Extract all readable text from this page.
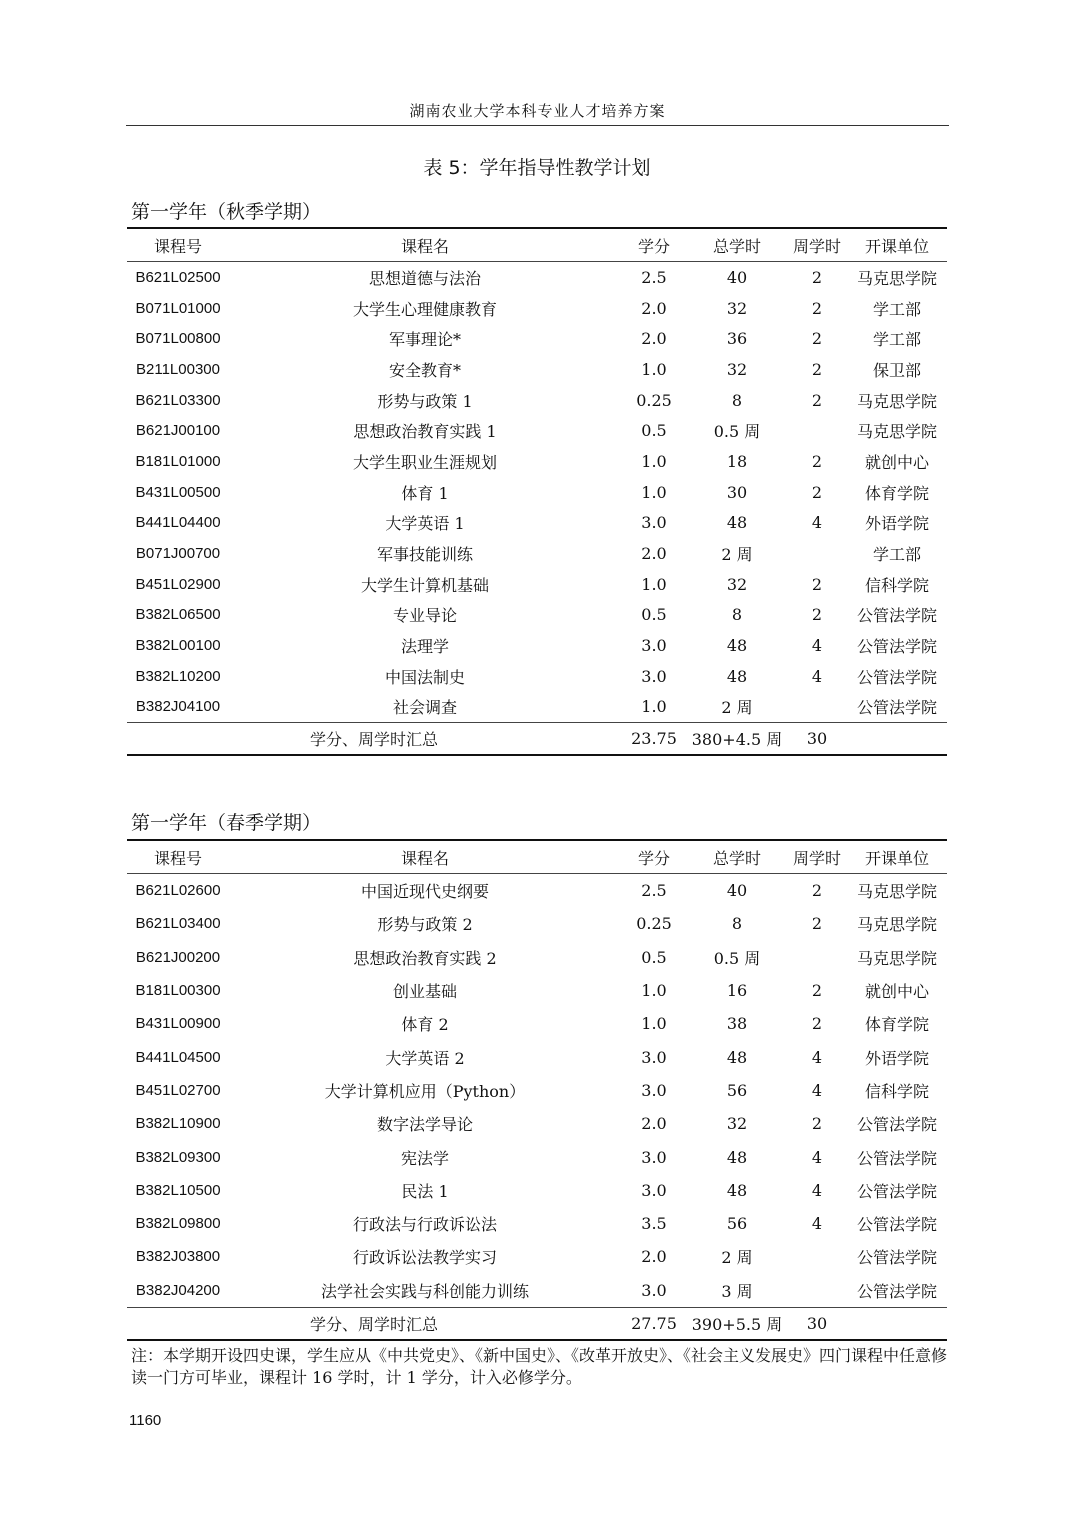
湖南农业大学本科专业人才培养方案
表 5：学年指导性教学计划
第一学年（秋季学期）
课程号	课程名	学分	总学时	周学时	开课单位
B621L02500	思想道德与法治	2.5	40	2	马克思学院
B071L01000	大学生心理健康教育	2.0	32	2	学工部
B071L00800	军事理论*	2.0	36	2	学工部
B211L00300	安全教育*	1.0	32	2	保卫部
B621L03300	形势与政策 1	0.25	8	2	马克思学院
B621J00100	思想政治教育实践 1	0.5	0.5 周		马克思学院
B181L01000	大学生职业生涯规划	1.0	18	2	就创中心
B431L00500	体育 1	1.0	30	2	体育学院
B441L04400	大学英语 1	3.0	48	4	外语学院
B071J00700	军事技能训练	2.0	2 周		学工部
B451L02900	大学生计算机基础	1.0	32	2	信科学院
B382L06500	专业导论	0.5	8	2	公管法学院
B382L00100	法理学	3.0	48	4	公管法学院
B382L10200	中国法制史	3.0	48	4	公管法学院
B382J04100	社会调查	1.0	2 周		公管法学院
学分、周学时汇总		23.75	380+4.5 周	30	
第一学年（春季学期）
课程号	课程名	学分	总学时	周学时	开课单位
B621L02600	中国近现代史纲要	2.5	40	2	马克思学院
B621L03400	形势与政策 2	0.25	8	2	马克思学院
B621J00200	思想政治教育实践 2	0.5	0.5 周		马克思学院
B181L00300	创业基础	1.0	16	2	就创中心
B431L00900	体育 2	1.0	38	2	体育学院
B441L04500	大学英语 2	3.0	48	4	外语学院
B451L02700	大学计算机应用（Python）	3.0	56	4	信科学院
B382L10900	数字法学导论	2.0	32	2	公管法学院
B382L09300	宪法学	3.0	48	4	公管法学院
B382L10500	民法 1	3.0	48	4	公管法学院
B382L09800	行政法与行政诉讼法	3.5	56	4	公管法学院
B382J03800	行政诉讼法教学实习	2.0	2 周		公管法学院
B382J04200	法学社会实践与科创能力训练	3.0	3 周		公管法学院
学分、周学时汇总		27.75	390+5.5 周	30	
注：本学期开设四史课，学生应从《中共党史》、《新中国史》、《改革开放史》、《社会主义发展史》四门课程中任意修读一门方可毕业，课程计 16 学时，计 1 学分，计入必修学分。
1160
